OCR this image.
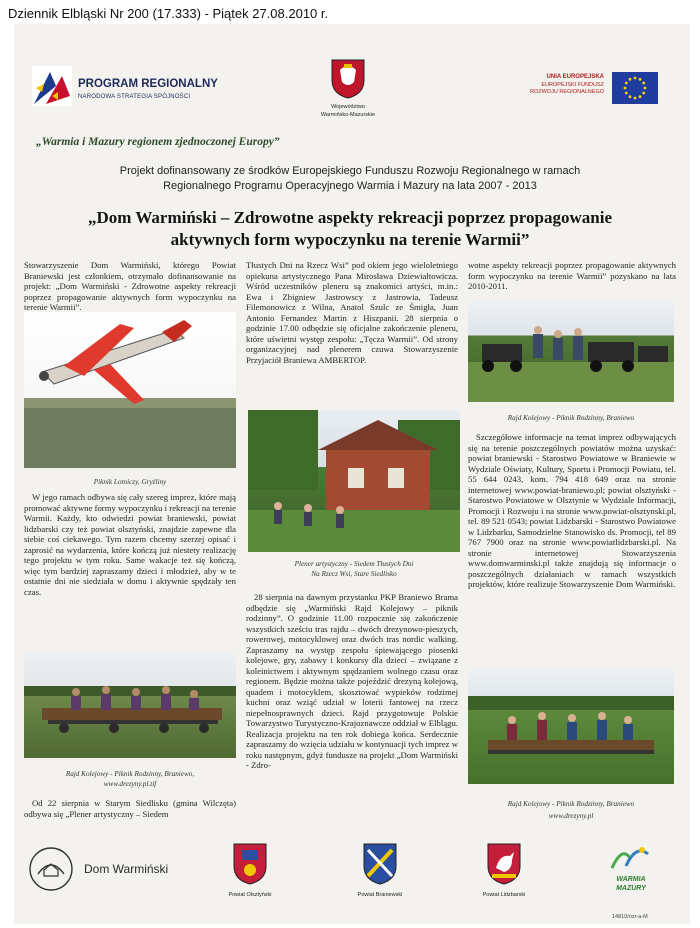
Dziennik Elbląski Nr 200 (17.333) - Piątek 27.08.2010 r.
PROGRAM REGIONALNY
NARODOWA STRATEGIA SPÓJNOŚCI
Województwo
Warmińsko-Mazurskie
UNIA EUROPEJSKA
EUROPEJSKI FUNDUSZ
ROZWOJU REGIONALNEGO
„Warmia i Mazury regionem zjednoczonej Europy”
Projekt dofinansowany ze środków Europejskiego Funduszu Rozwoju Regionalnego w ramach
Regionalnego Programu Operacyjnego Warmia i Mazury na lata 2007 - 2013
„Dom Warmiński – Zdrowotne aspekty rekreacji poprzez propagowanie
aktywnych form wypoczynku na terenie Warmii”

Stowarzyszenie Dom Warmiński, którego Powiat Braniewski jest członkiem, otrzymało dofinansowanie na projekt: „Dom Warmiński - Zdrowotne aspekty rekreacji poprzez propagowanie aktywnych form wypoczynku na terenie Warmii”.

Piknik Lotniczy, Gryźliny

W jego ramach odbywa się cały szereg imprez, które mają promować aktywne formy wypoczynku i rekreacji na terenie Warmii. Każdy, kto odwiedzi powiat braniewski, powiat lidzbarski czy też powiat olsztyński, znajdzie zapewne dla siebie coś ciekawego. Tym razem chcemy szerzej opisać i zaprosić na wydarzenia, które kończą już niestety realizację tego projektu w tym roku. Same wakacje też się kończą, więc tym bardziej zapraszamy dzieci i młodzież, aby w te ostatnie dni nie siedziała w domu i aktywnie spędzały ten czas.

Rajd Kolejowy - Piknik Rodzinny, Braniewo,
www.drezyny.pl.tif

Od 22 sierpnia w Starym Siedlisku (gmina Wilczęta) odbywa się „Plener artystyczny – Siedem

Tłustych Dni na Rzecz Wsi” pod okiem jego wieloletniego opiekuna artystycznego Pana Mirosława Dziewiałtowicza. Wśród uczestników pleneru są znakomici artyści, m.in.: Ewa i Zbigniew Jastrowscy z Jastrowia, Tadeusz Filemonowicz z Wilna, Anatol Szulc ze Śmigła, Juan Antonio Fernandez Martin z Hiszpanii. 28 sierpnia o godzinie 17.00 odbędzie się oficjalne zakończenie pleneru, które uświetni występ zespołu: „Tęcza Warmii”. Od strony organizacyjnej nad plenerem czuwa Stowarzyszenie Przyjaciół Braniewa AMBERTOP.

Plener artystyczny - Siedem Tłustych Dni
Na Rzecz Wsi, Stare Siedlisko

28 sierpnia na dawnym przystanku PKP Braniewo Brama odbędzie się „Warmiński Rajd Kolejowy – piknik rodzinny”. O godzinie 11.00 rozpocznie się zakończenie wszystkich sześciu tras rajdu – dwóch drezynowo-pieszych, rowerowej, motocyklowej oraz dwóch tras nordic walking. Zapraszamy na występ zespołu śpiewającego piosenki kolejowe, gry, zabawy i konkursy dla dzieci – związane z koleinictwem i aktywnym spędzaniem wolnego czasu oraz regionem. Będzie można także pojeździć drezyną kolejową, quadem i motocyklem, skosztować wypieków rodzimej kuchni oraz wziąć udział w loterii fantowej na rzecz niepełnosprawnych dzieci. Rajd przygotowuje Polskie Towarzystwo Turystyczno-Krajoznawcze oddział w Elblągu. Realizacja projektu na ten rok dobiega końca. Serdecznie zapraszamy do wzięcia udziału w kontynuacji tych imprez w roku następnym, gdyż fundusze na projekt „Dom Warmiński - Zdro-

wotne aspekty rekreacji poprzez propagowanie aktywnych form wypoczynku na terenie Warmii” pozyskano na lata 2010-2011.

Rajd Kolejowy - Piknik Rodzinny, Braniewo

Szczegółowe informacje na temat imprez odbywających się na terenie poszczególnych powiatów można uzyskać: powiat braniewski - Starostwo Powiatowe w Braniewie w Wydziale Oświaty, Kultury, Sportu i Promocji Powiatu, tel. 55 644 0243, kom. 794 418 649 oraz na stronie internetowej www.powiat-braniewo.pl; powiat olsztyński - Starostwo Powiatowe w Olsztynie w Wydziale Informacji, Promocji i Rozwoju i na stronie www.powiat-olsztynski.pl, tel. 89 521 0543; powiat Lidzbarski - Starostwo Powiatowe w Lidzbarku, Samodzielne Stanowisko ds. Promocji, tel 89 767 7900 oraz na stronie www.powiatlidzbarski.pl. Na stronie internetowej Stowarzyszenia www.domwarminski.pl także znajdują się informacje o poszczególnych działaniach w ramach wszystkich projektów, które realizuje Stowarzyszenie Dom Warmiński.

Rajd Kolejowy - Piknik Rodzinny, Braniewo
www.drezyny.pl
Dom Warmiński
Powiat Olsztyński	Powiat Braniewski	Powiat Lidzbarski
WARMIA
MAZURY
14810/ozr-a-M
